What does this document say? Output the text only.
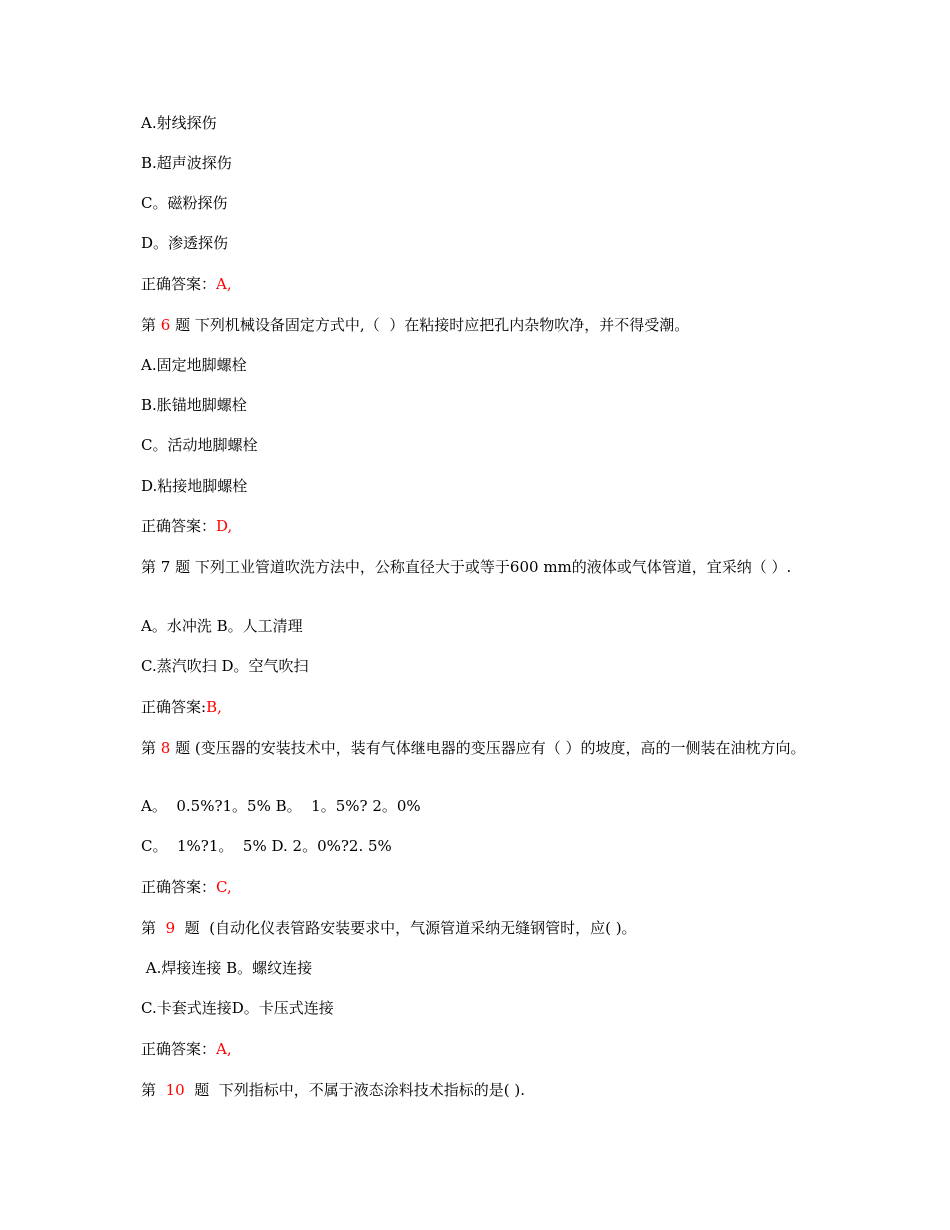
A.射线探伤
B.超声波探伤
C。磁粉探伤
D。渗透探伤
正确答案：A,
第 6 题 下列机械设备固定方式中,（  ）在粘接时应把孔内杂物吹净，并不得受潮。
A.固定地脚螺栓
B.胀锚地脚螺栓
C。活动地脚螺栓
D.粘接地脚螺栓
正确答案：D,
第 7 题 下列工业管道吹洗方法中，公称直径大于或等于600 mm的液体或气体管道，宜采纳（ ）.
A。水冲洗 B。人工清理
C.蒸汽吹扫 D。空气吹扫
正确答案:B,
第 8 题 (变压器的安装技术中，装有气体继电器的变压器应有（ ）的坡度，高的一侧装在油枕方向。
A。  0.5%?1。5% B。  1。5%? 2。0%
C。  1%?1。  5% D. 2。0%?2. 5%
正确答案：C,
第 9 题 (自动化仪表管路安装要求中，气源管道采纳无缝钢管时，应( )。
A.焊接连接 B。螺纹连接
C.卡套式连接D。卡压式连接
正确答案：A,
第 10 题 下列指标中，不属于液态涂料技术指标的是( ).
